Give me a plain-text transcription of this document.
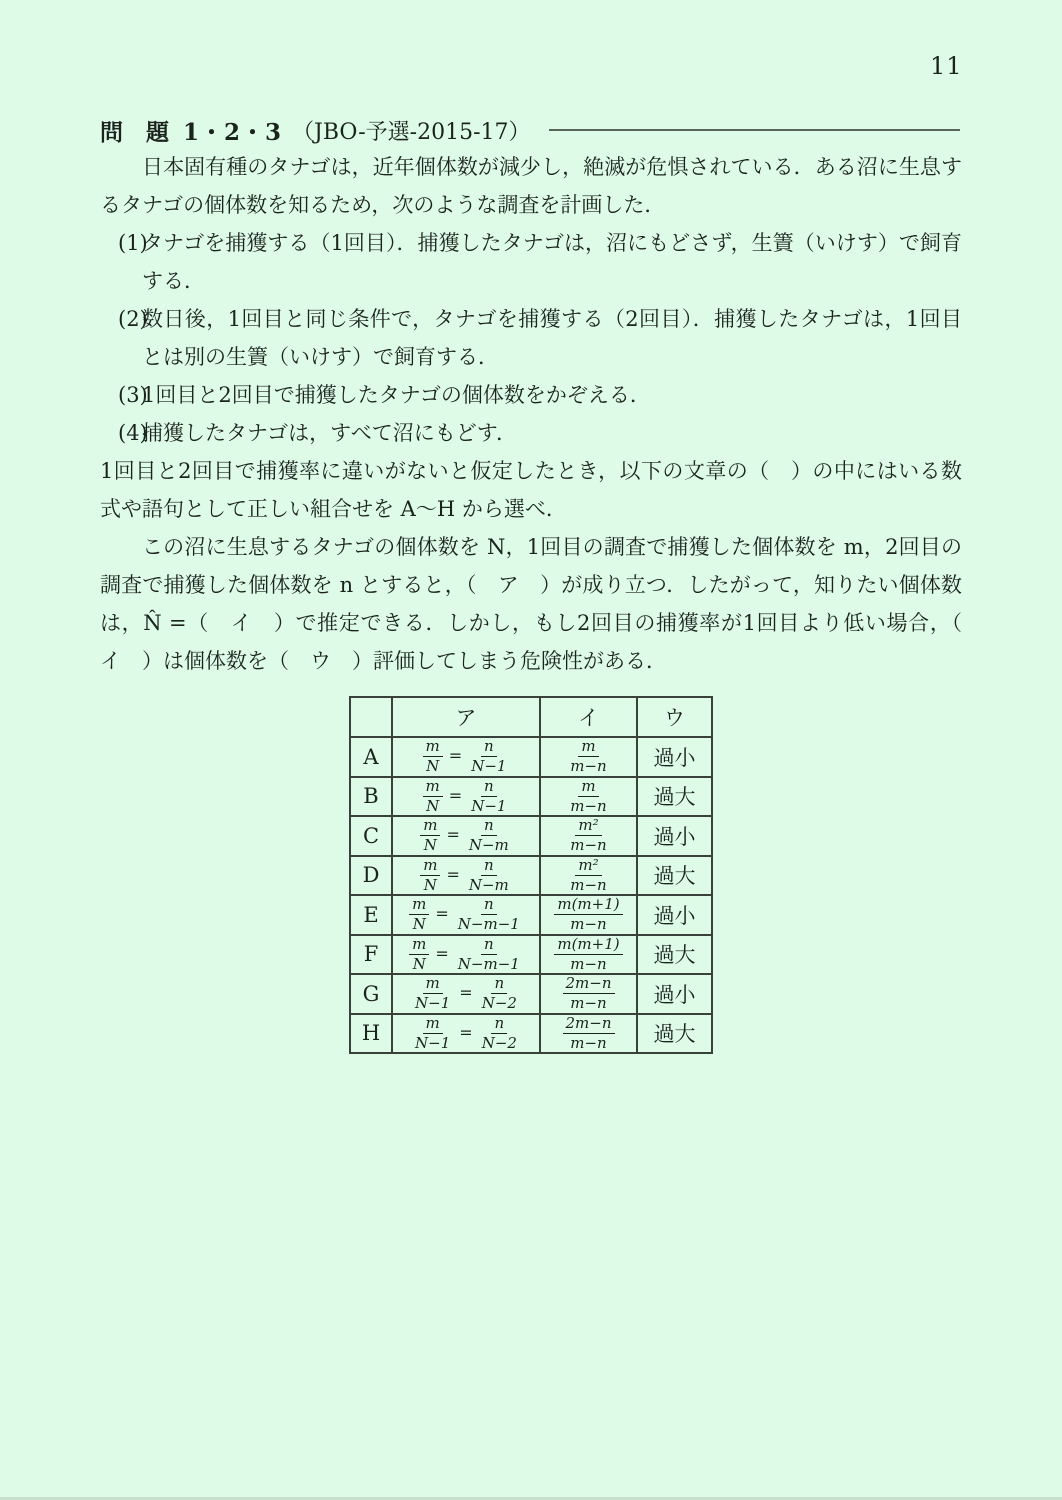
11
問　題 1・2・3 （JBO-予選-2015-17）

日本固有種のタナゴは，近年個体数が減少し，絶滅が危惧されている．ある沼に生息するタナゴの個体数を知るため，次のような調査を計画した．

(1)
タナゴを捕獲する（1回目）．捕獲したタナゴは，沼にもどさず，生簀（いけす）で飼育する．
(2)
数日後，1回目と同じ条件で，タナゴを捕獲する（2回目）．捕獲したタナゴは，1回目とは別の生簀（いけす）で飼育する．
(3)
1回目と2回目で捕獲したタナゴの個体数をかぞえる．
(4)
捕獲したタナゴは，すべて沼にもどす．

1回目と2回目で捕獲率に違いがないと仮定したとき，以下の文章の（　）の中にはいる数式や語句として正しい組合せを A〜H から選べ．

この沼に生息するタナゴの個体数を N，1回目の調査で捕獲した個体数を m，2回目の調査で捕獲した個体数を n とすると，（　ア　）が成り立つ．したがって，知りたい個体数は，N̂ =（　イ　）で推定できる．しかし，もし2回目の捕獲率が1回目より低い場合，（　イ　）は個体数を（　ウ　）評価してしまう危険性がある．

	ア	イ	ウ
A	$\frac{m}{N} = \frac{n}{N-1}$	$\frac{m}{m-n}$	過小
B	$\frac{m}{N} = \frac{n}{N-1}$	$\frac{m}{m-n}$	過大
C	$\frac{m}{N} = \frac{n}{N-m}$	$\frac{\text{m²}}{m-n}$	過小
D	$\frac{m}{N} = \frac{n}{N-m}$	$\frac{\text{m²}}{m-n}$	過大
E	$\frac{m}{N} = \frac{n}{N-m-1}$	$\frac{m(m+1)}{m-n}$	過小
F	$\frac{m}{N} = \frac{n}{N-m-1}$	$\frac{m(m+1)}{m-n}$	過大
G	$\frac{m}{N-1} = \frac{n}{N-2}$	$\frac{2m-n}{m-n}$	過小
H	$\frac{m}{N-1} = \frac{n}{N-2}$	$\frac{2m-n}{m-n}$	過大
